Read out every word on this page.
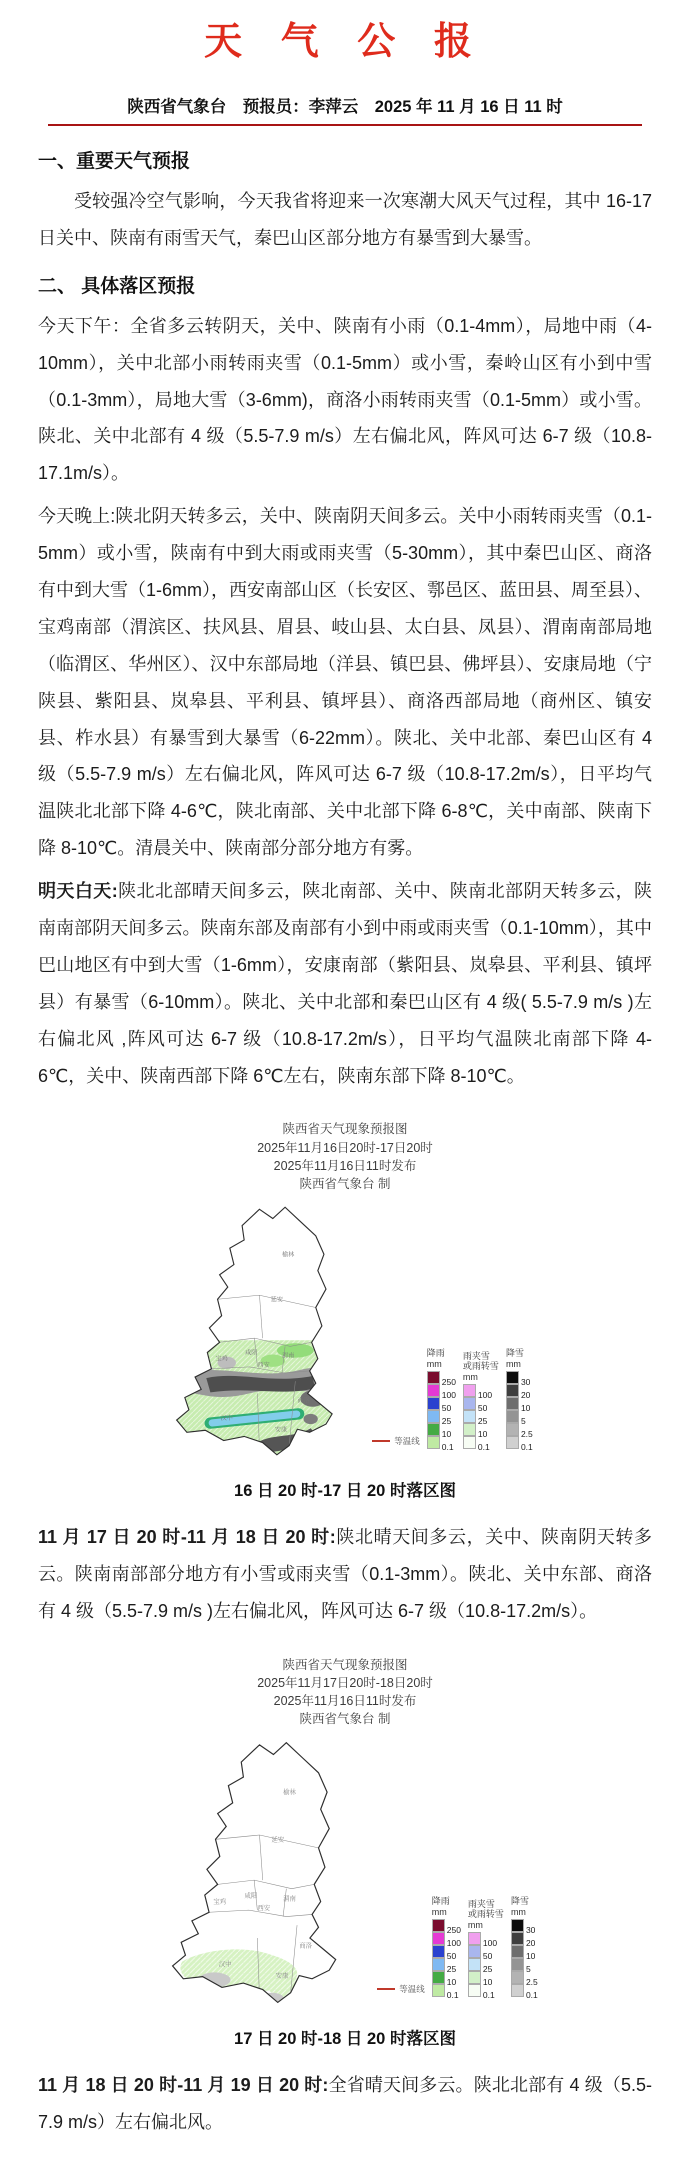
天 气 公 报
陕西省气象台　预报员：李萍云　2025 年 11 月 16 日 11 时
一、重要天气预报

受较强冷空气影响，今天我省将迎来一次寒潮大风天气过程，其中 16-17 日关中、陕南有雨雪天气，秦巴山区部分地方有暴雪到大暴雪。

二、 具体落区预报

今天下午：全省多云转阴天，关中、陕南有小雨（0.1-4mm），局地中雨（4-10mm），关中北部小雨转雨夹雪（0.1-5mm）或小雪，秦岭山区有小到中雪（0.1-3mm），局地大雪（3-6mm)，商洛小雨转雨夹雪（0.1-5mm）或小雪。陕北、关中北部有 4 级（5.5-7.9 m/s）左右偏北风，阵风可达 6-7 级（10.8-17.1m/s）。

今天晚上:陕北阴天转多云，关中、陕南阴天间多云。关中小雨转雨夹雪（0.1-5mm）或小雪，陕南有中到大雨或雨夹雪（5-30mm），其中秦巴山区、商洛有中到大雪（1-6mm），西安南部山区（长安区、鄠邑区、蓝田县、周至县）、宝鸡南部（渭滨区、扶风县、眉县、岐山县、太白县、凤县）、渭南南部局地（临渭区、华州区）、汉中东部局地（洋县、镇巴县、佛坪县）、安康局地（宁陕县、紫阳县、岚皋县、平利县、镇坪县）、商洛西部局地（商州区、镇安县、柞水县）有暴雪到大暴雪（6-22mm）。陕北、关中北部、秦巴山区有 4 级（5.5-7.9 m/s）左右偏北风，阵风可达 6-7 级（10.8-17.2m/s），日平均气温陕北北部下降 4-6℃，陕北南部、关中北部下降 6-8℃，关中南部、陕南下降 8-10℃。清晨关中、陕南部分部分地方有雾。

明天白天:陕北北部晴天间多云，陕北南部、关中、陕南北部阴天转多云，陕南南部阴天间多云。陕南东部及南部有小到中雨或雨夹雪（0.1-10mm），其中巴山地区有中到大雪（1-6mm），安康南部（紫阳县、岚皋县、平利县、镇坪县）有暴雪（6-10mm）。陕北、关中北部和秦巴山区有 4 级( 5.5-7.9 m/s )左右偏北风 ,阵风可达 6-7 级（10.8-17.2m/s），日平均气温陕北南部下降 4-6℃，关中、陕南西部下降 6℃左右，陕南东部下降 8-10℃。

陕西省天气现象预报图
2025年11月16日20时-17日20时
2025年11月16日11时发布
陕西省气象台 制
榆林
延安
宝鸡
咸阳
西安
渭南
商洛
汉中
安康
等温线
降雨
mm
250
100
50
25
10
0.1
雨夹雪
或雨转雪
mm
100
50
25
10
0.1
降雪
mm
30
20
10
5
2.5
0.1
16 日 20 时-17 日 20 时落区图

11 月 17 日 20 时-11 月 18 日 20 时:陕北晴天间多云，关中、陕南阴天转多云。陕南南部部分地方有小雪或雨夹雪（0.1-3mm）。陕北、关中东部、商洛有 4 级（5.5-7.9 m/s )左右偏北风，阵风可达 6-7 级（10.8-17.2m/s）。

陕西省天气现象预报图
2025年11月17日20时-18日20时
2025年11月16日11时发布
陕西省气象台 制
榆林
延安
宝鸡
咸阳
西安
渭南
商洛
汉中
安康
等温线
降雨
mm
250
100
50
25
10
0.1
雨夹雪
或雨转雪
mm
100
50
25
10
0.1
降雪
mm
30
20
10
5
2.5
0.1
17 日 20 时-18 日 20 时落区图

11 月 18 日 20 时-11 月 19 日 20 时:全省晴天间多云。陕北北部有 4 级（5.5-7.9 m/s）左右偏北风。
